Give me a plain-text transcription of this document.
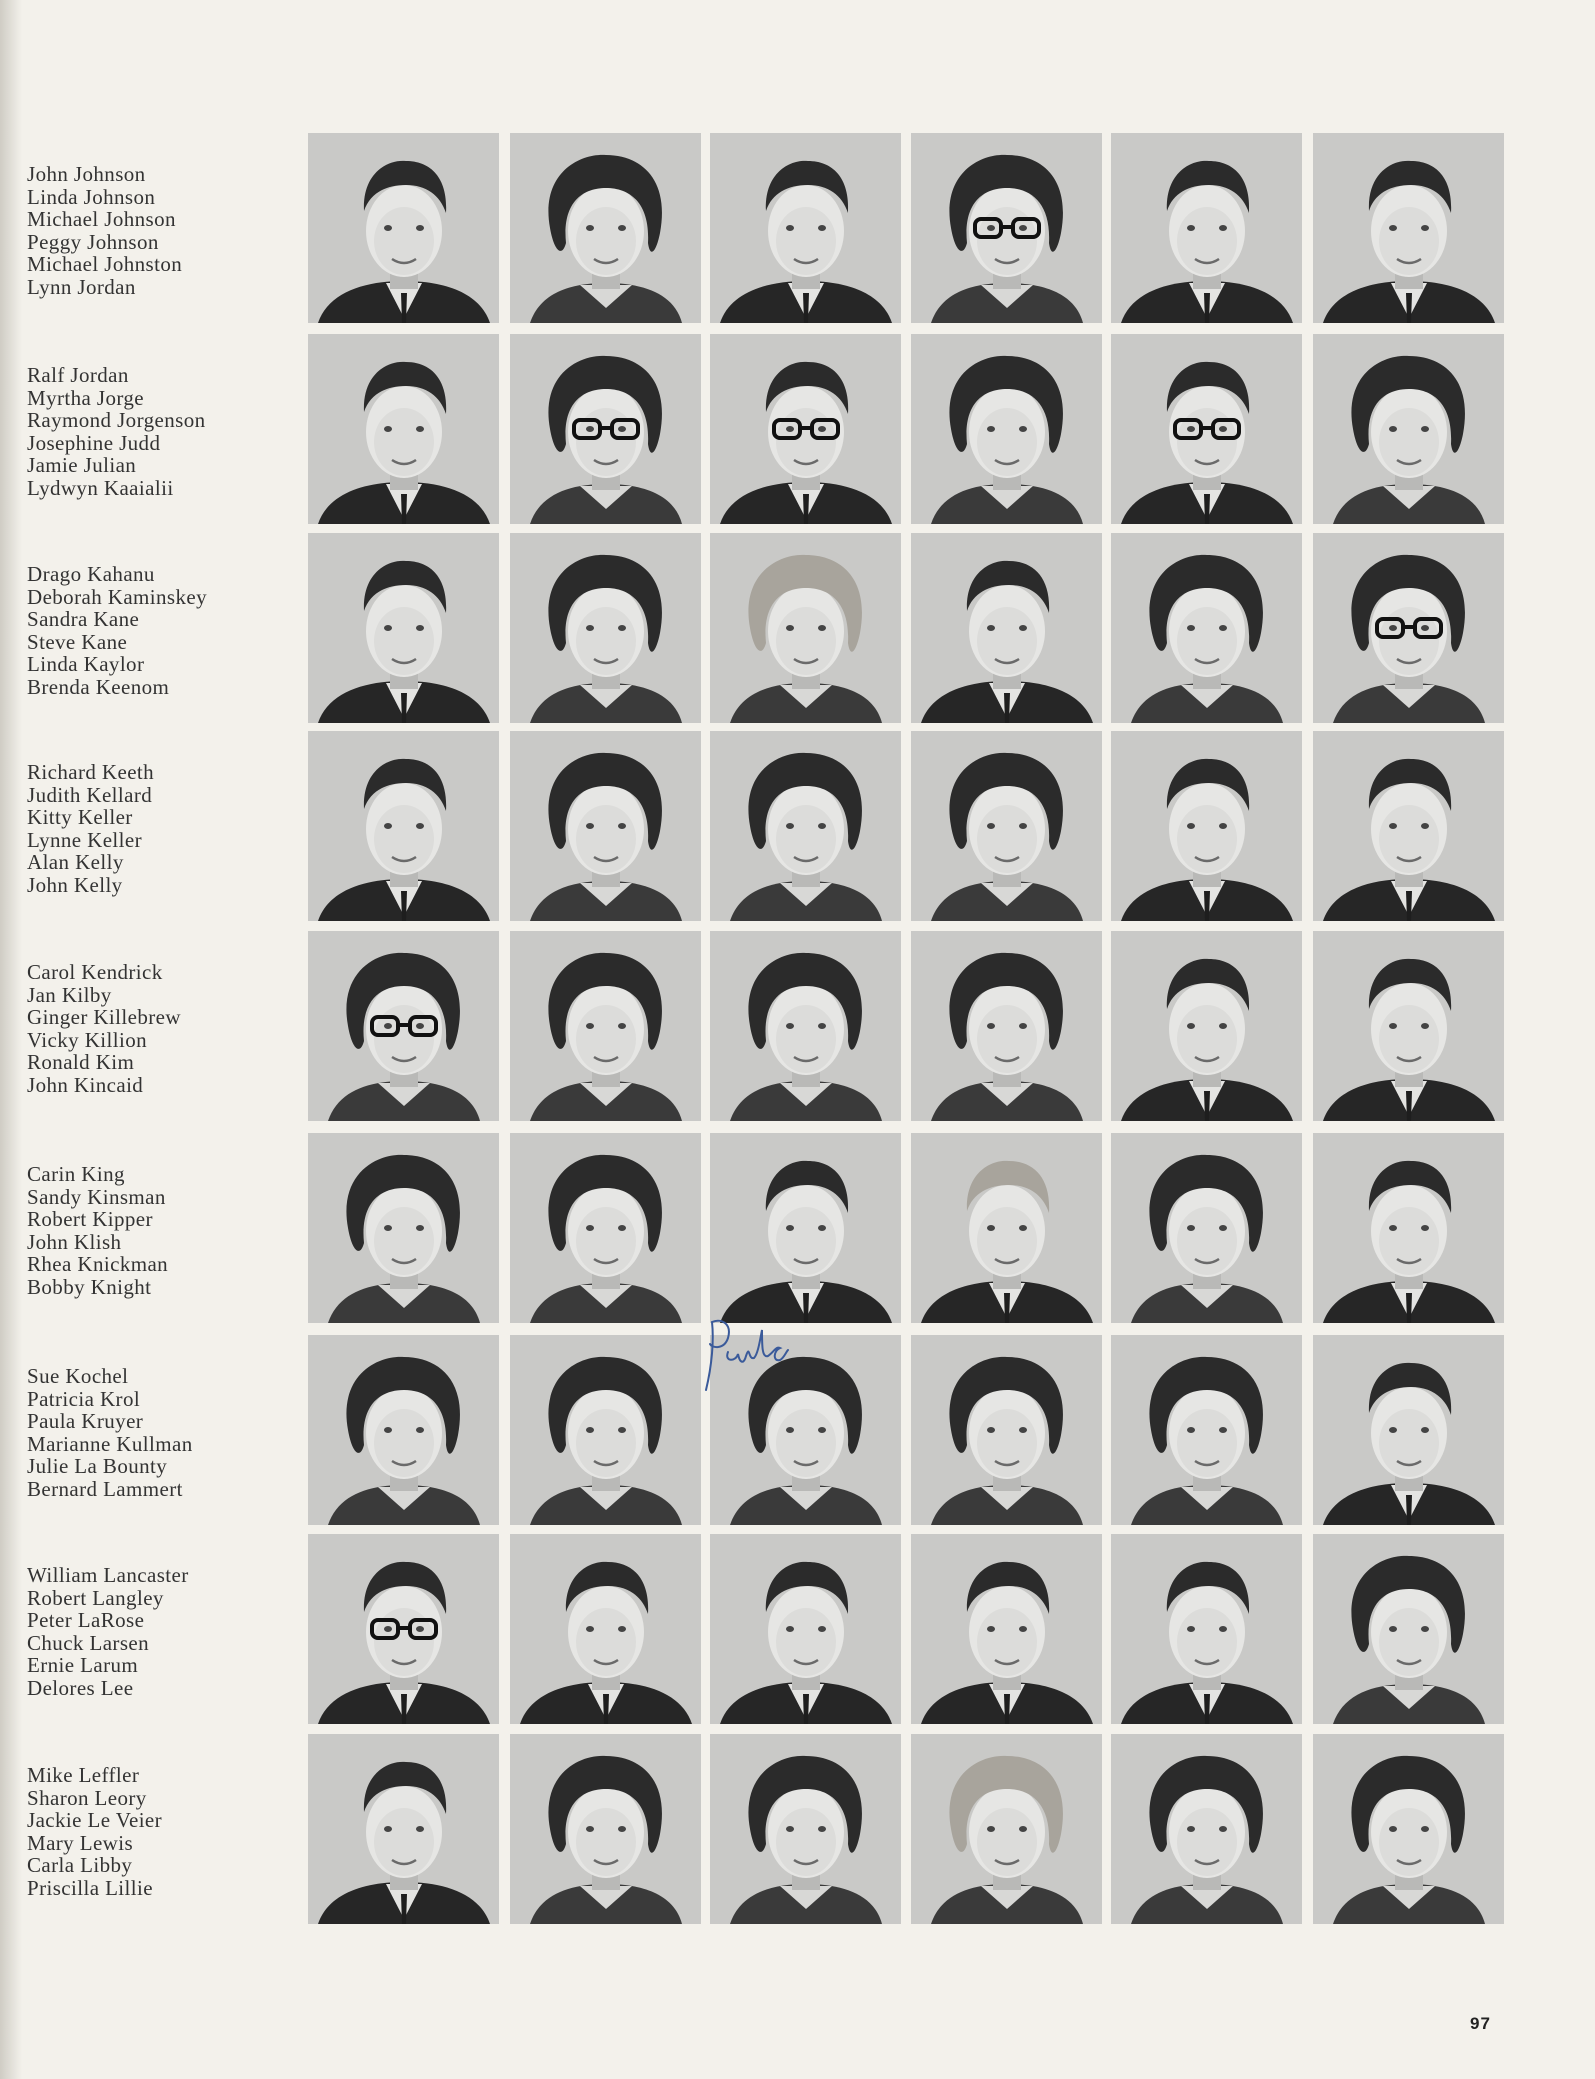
John Johnson
Linda Johnson
Michael Johnson
Peggy Johnson
Michael Johnston
Lynn Jordan
Ralf Jordan
Myrtha Jorge
Raymond Jorgenson
Josephine Judd
Jamie Julian
Lydwyn Kaaialii
Drago Kahanu
Deborah Kaminskey
Sandra Kane
Steve Kane
Linda Kaylor
Brenda Keenom
Richard Keeth
Judith Kellard
Kitty Keller
Lynne Keller
Alan Kelly
John Kelly
Carol Kendrick
Jan Kilby
Ginger Killebrew
Vicky Killion
Ronald Kim
John Kincaid
Carin King
Sandy Kinsman
Robert Kipper
John Klish
Rhea Knickman
Bobby Knight
Sue Kochel
Patricia Krol
Paula Kruyer
Marianne Kullman
Julie La Bounty
Bernard Lammert
William Lancaster
Robert Langley
Peter LaRose
Chuck Larsen
Ernie Larum
Delores Lee
Mike Leffler
Sharon Leory
Jackie Le Veier
Mary Lewis
Carla Libby
Priscilla Lillie
97
